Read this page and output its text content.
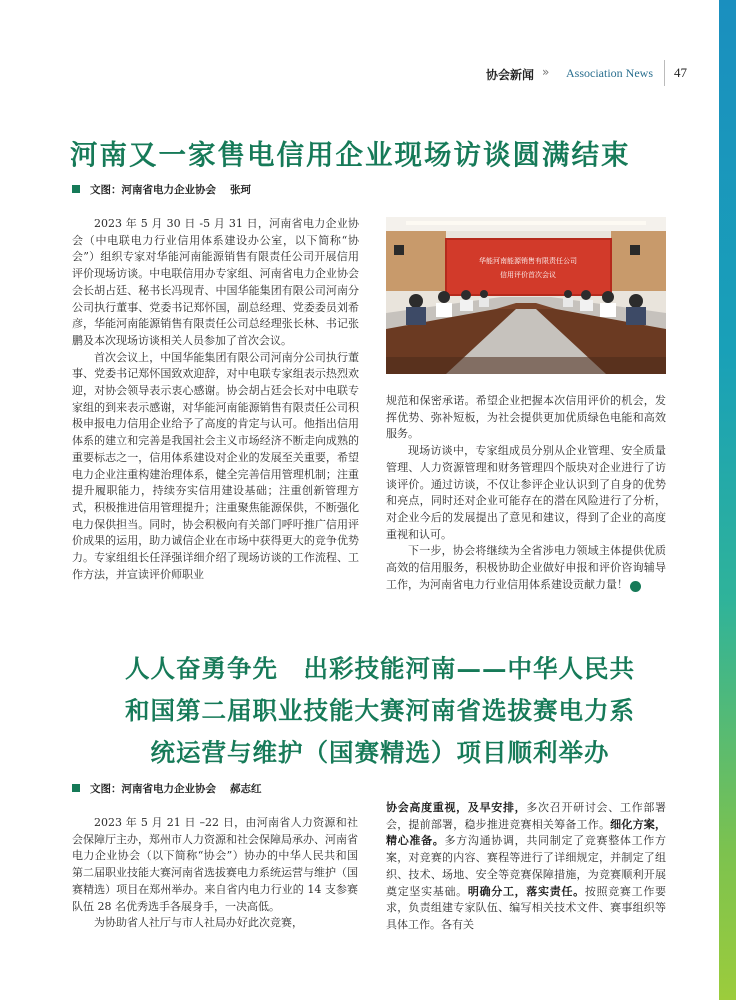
协会新闻 » Association News 47
河南又一家售电信用企业现场访谈圆满结束
文图：河南省电力企业协会 张珂

2023 年 5 月 30 日 -5 月 31 日，河南省电力企业协会（中电联电力行业信用体系建设办公室，以下简称“协会”）组织专家对华能河南能源销售有限责任公司开展信用评价现场访谈。中电联信用办专家组、河南省电力企业协会会长胡占廷、秘书长冯现青、中国华能集团有限公司河南分公司执行董事、党委书记郑怀国，副总经理、党委委员刘希彦，华能河南能源销售有限责任公司总经理张长林、书记张鹏及本次现场访谈相关人员参加了首次会议。

首次会议上，中国华能集团有限公司河南分公司执行董事、党委书记郑怀国致欢迎辞，对中电联专家组表示热烈欢迎，对协会领导表示衷心感谢。协会胡占廷会长对中电联专家组的到来表示感谢，对华能河南能源销售有限责任公司积极申报电力信用企业给予了高度的肯定与认可。他指出信用体系的建立和完善是我国社会主义市场经济不断走向成熟的重要标志之一，信用体系建设对企业的发展至关重要，希望电力企业注重构建治理体系，健全完善信用管理机制；注重提升履职能力，持续夯实信用建设基础；注重创新管理方式，积极推进信用管理提升；注重聚焦能源保供，不断强化电力保供担当。同时，协会积极向有关部门呼吁推广信用评价成果的运用，助力诚信企业在市场中获得更大的竞争优势力。专家组组长任泽强详细介绍了现场访谈的工作流程、工作方法，并宣读评价师职业

华能河南能源销售有限责任公司
信用评价首次会议
规范和保密承诺。希望企业把握本次信用评价的机会，发挥优势、弥补短板，为社会提供更加优质绿色电能和高效服务。

现场访谈中，专家组成员分别从企业管理、安全质量管理、人力资源管理和财务管理四个版块对企业进行了访谈评价。通过访谈，不仅让参评企业认识到了自身的优势和亮点，同时还对企业可能存在的潜在风险进行了分析，对企业今后的发展提出了意见和建议，得到了企业的高度重视和认可。

下一步，协会将继续为全省涉电力领域主体提供优质高效的信用服务，积极协助企业做好申报和评价咨询辅导工作，为河南省电力行业信用体系建设贡献力量！	C

人人奋勇争先　出彩技能河南——中华人民共
和国第二届职业技能大赛河南省选拔赛电力系
统运营与维护（国赛精选）项目顺利举办
文图：河南省电力企业协会 郝志红

2023 年 5 月 21 日 –22 日，由河南省人力资源和社会保障厅主办，郑州市人力资源和社会保障局承办、河南省电力企业协会（以下简称“协会”）协办的中华人民共和国第二届职业技能大赛河南省选拔赛电力系统运营与维护（国赛精选）项目在郑州举办。来自省内电力行业的 14 支参赛队伍 28 名优秀选手各展身手，一决高低。

为协助省人社厅与市人社局办好此次竞赛，

协会高度重视，及早安排，多次召开研讨会、工作部署会，提前部署，稳步推进竞赛相关筹备工作。细化方案，精心准备。多方沟通协调，共同制定了竞赛整体工作方案，对竞赛的内容、赛程等进行了详细规定，并制定了组织、技术、场地、安全等竞赛保障措施，为竞赛顺利开展奠定坚实基础。明确分工，落实责任。按照竞赛工作要求，负责组建专家队伍、编写相关技术文件、赛事组织等具体工作。各有关
